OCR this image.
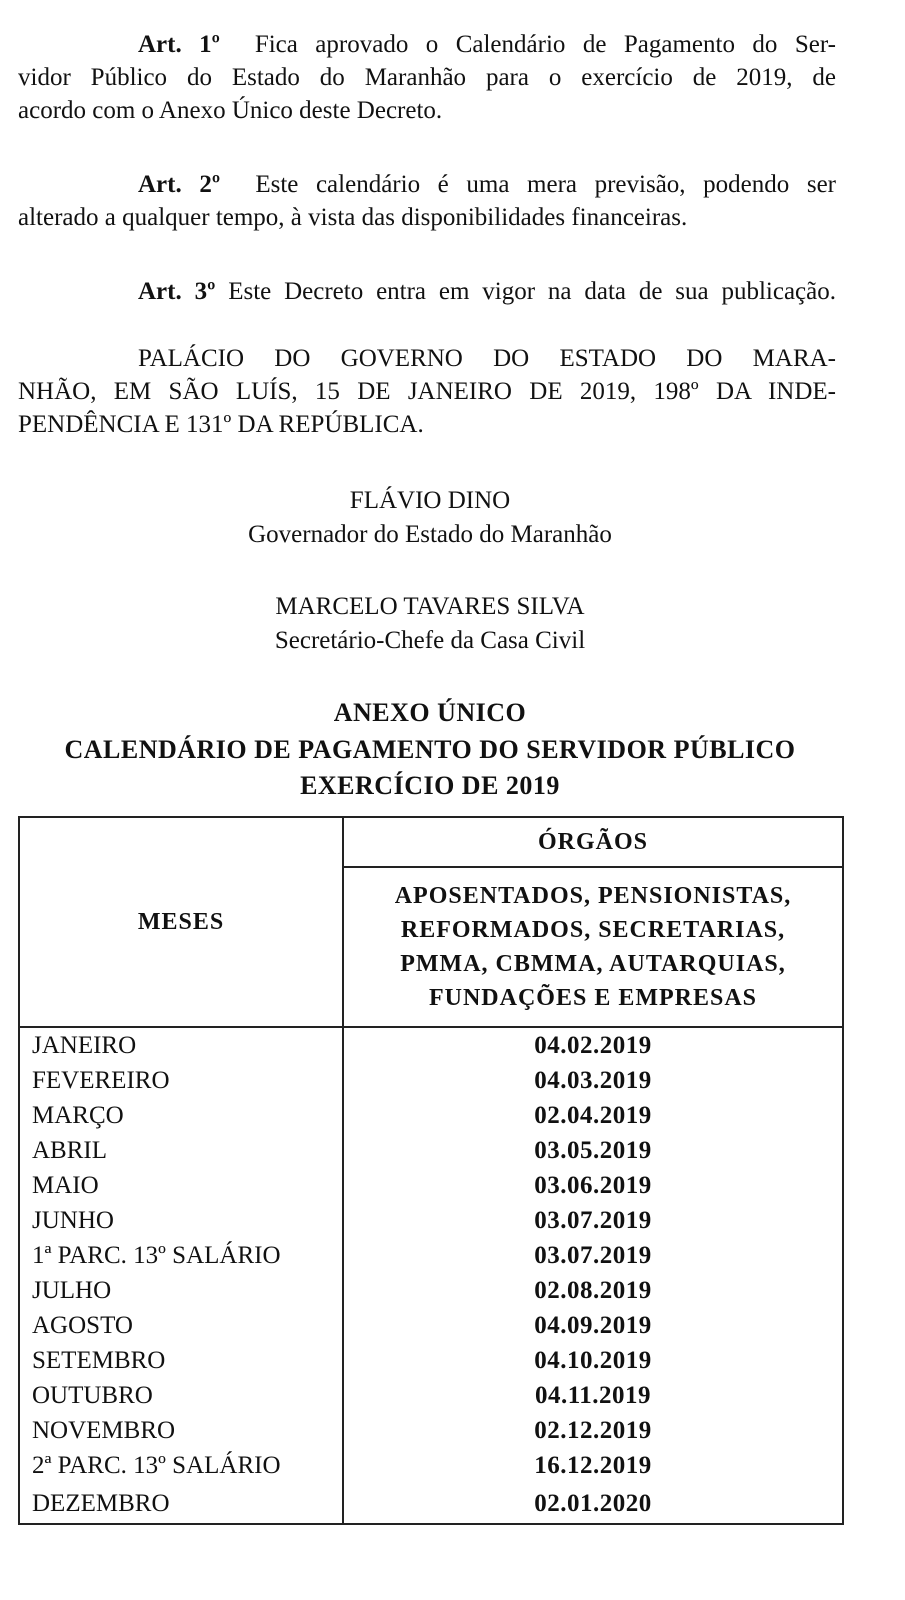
Art. 1º Fica aprovado o Calendário de Pagamento do Ser-
vidor Público do Estado do Maranhão para o exercício de 2019, de
acordo com o Anexo Único deste Decreto.
Art. 2º Este calendário é uma mera previsão, podendo ser
alterado a qualquer tempo, à vista das disponibilidades financeiras.
Art. 3º Este Decreto entra em vigor na data de sua publicação.
PALÁCIO DO GOVERNO DO ESTADO DO MARA-
NHÃO, EM SÃO LUÍS, 15 DE JANEIRO DE 2019, 198º DA INDE-
PENDÊNCIA E 131º DA REPÚBLICA.
FLÁVIO DINO
Governador do Estado do Maranhão
MARCELO TAVARES SILVA
Secretário-Chefe da Casa Civil
ANEXO ÚNICO
CALENDÁRIO DE PAGAMENTO DO SERVIDOR PÚBLICO
EXERCÍCIO DE 2019
MESES	ÓRGÃOS

	APOSENTADOS, PENSIONISTAS,
REFORMADOS, SECRETARIAS,
PMMA, CBMMA, AUTARQUIAS,
FUNDAÇÕES E EMPRESAS

JANEIRO	04.02.2019
FEVEREIRO	04.03.2019
MARÇO	02.04.2019
ABRIL	03.05.2019
MAIO	03.06.2019
JUNHO	03.07.2019
1ª PARC. 13º SALÁRIO	03.07.2019
JULHO	02.08.2019
AGOSTO	04.09.2019
SETEMBRO	04.10.2019
OUTUBRO	04.11.2019
NOVEMBRO	02.12.2019
2ª PARC. 13º SALÁRIO	16.12.2019
DEZEMBRO	02.01.2020
